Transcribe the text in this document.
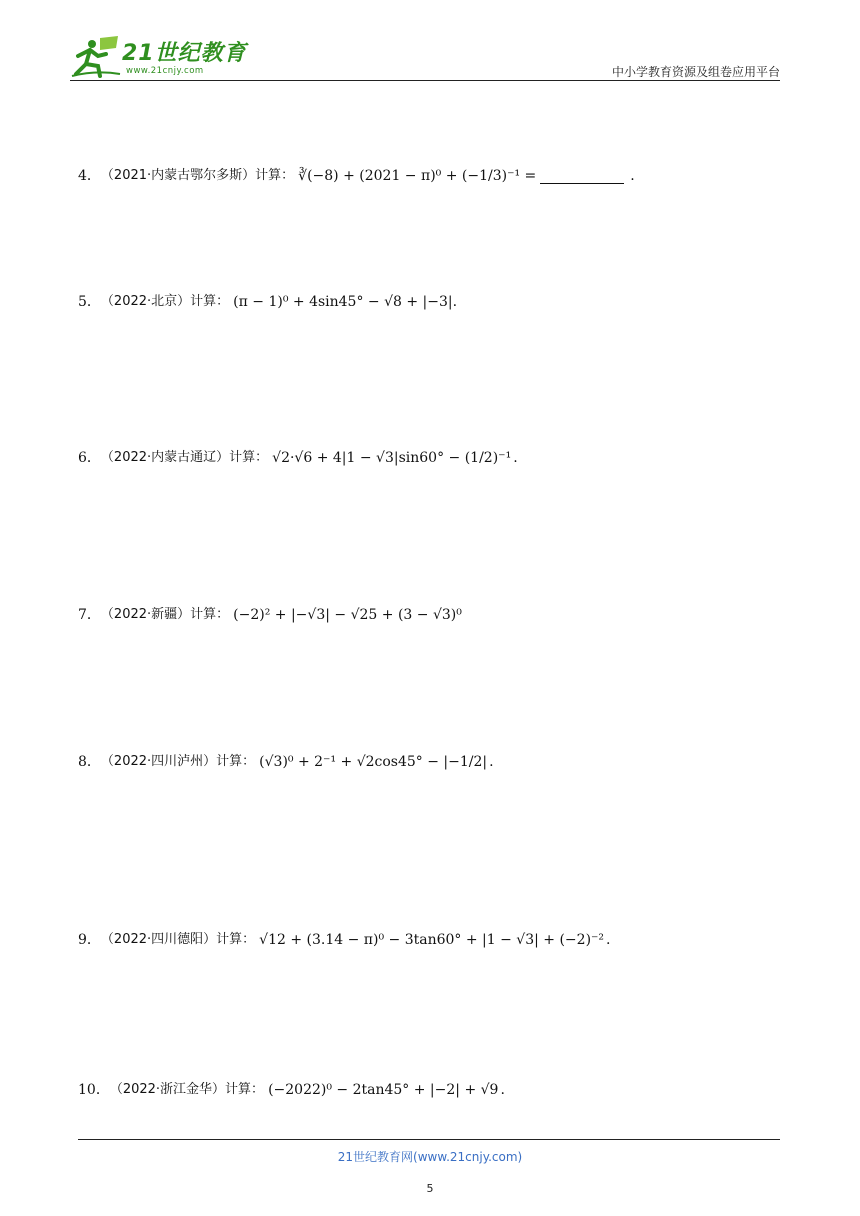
21世纪教育
www.21cnjy.com	中小学教育资源及组卷应用平台
4． （2021·内蒙古鄂尔多斯） 计算： ∛(−8) + (2021 − π)⁰ + (−1/3)⁻¹ =	.
5． （2022·北京） 计算： (π − 1)⁰ + 4sin45° − √8 + |−3|.
6． （2022·内蒙古通辽） 计算： √2·√6 + 4|1 − √3|sin60° − (1/2)⁻¹ .
7． （2022·新疆） 计算： (−2)² + |−√3| − √25 + (3 − √3)⁰
8． （2022·四川泸州） 计算： (√3)⁰ + 2⁻¹ + √2cos45° − |−1/2| .
9． （2022·四川德阳） 计算： √12 + (3.14 − π)⁰ − 3tan60° + |1 − √3| + (−2)⁻² .
10． （2022·浙江金华） 计算： (−2022)⁰ − 2tan45° + |−2| + √9 .
21世纪教育网(www.21cnjy.com)
5
